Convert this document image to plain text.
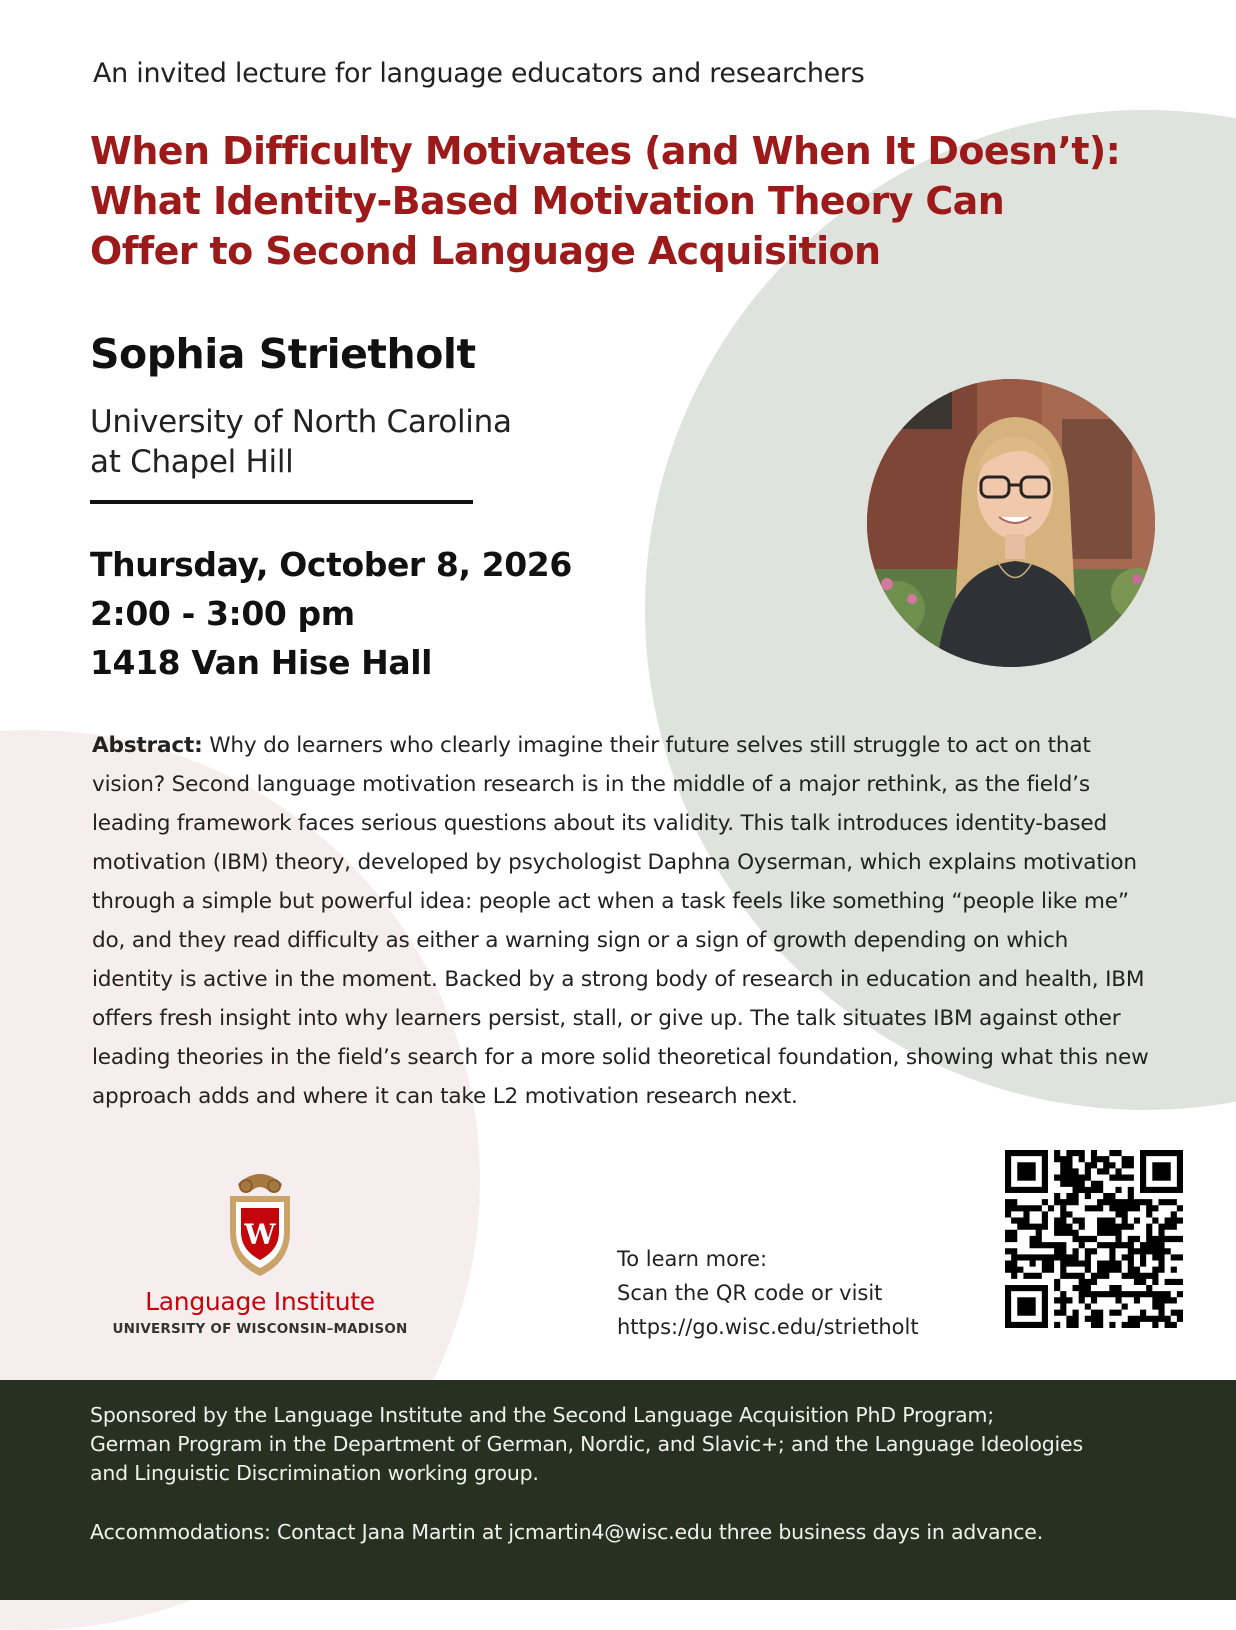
An invited lecture for language educators and researchers
When Difficulty Motivates (and When It Doesn’t):
What Identity-Based Motivation Theory Can
Offer to Second Language Acquisition
Sophia Strietholt
University of North Carolina
at Chapel Hill
Thursday, October 8, 2026
2:00 - 3:00 pm
1418 Van Hise Hall
Abstract: Why do learners who clearly imagine their future selves still struggle to act on that vision? Second language motivation research is in the middle of a major rethink, as the field’s leading framework faces serious questions about its validity. This talk introduces identity-based motivation (IBM) theory, developed by psychologist Daphna Oyserman, which explains motivation through a simple but powerful idea: people act when a task feels like something “people like me” do, and they read difficulty as either a warning sign or a sign of growth depending on which identity is active in the moment. Backed by a strong body of research in education and health, IBM offers fresh insight into why learners persist, stall, or give up. The talk situates IBM against other leading theories in the field’s search for a more solid theoretical foundation, showing what this new approach adds and where it can take L2 motivation research next.
W
Language Institute
UNIVERSITY OF WISCONSIN–MADISON
To learn more:
Scan the QR code or visit
https://go.wisc.edu/strietholt
Sponsored by the Language Institute and the Second Language Acquisition PhD Program;
German Program in the Department of German, Nordic, and Slavic+; and the Language Ideologies
and Linguistic Discrimination working group.
Accommodations: Contact Jana Martin at jcmartin4@wisc.edu three business days in advance.
